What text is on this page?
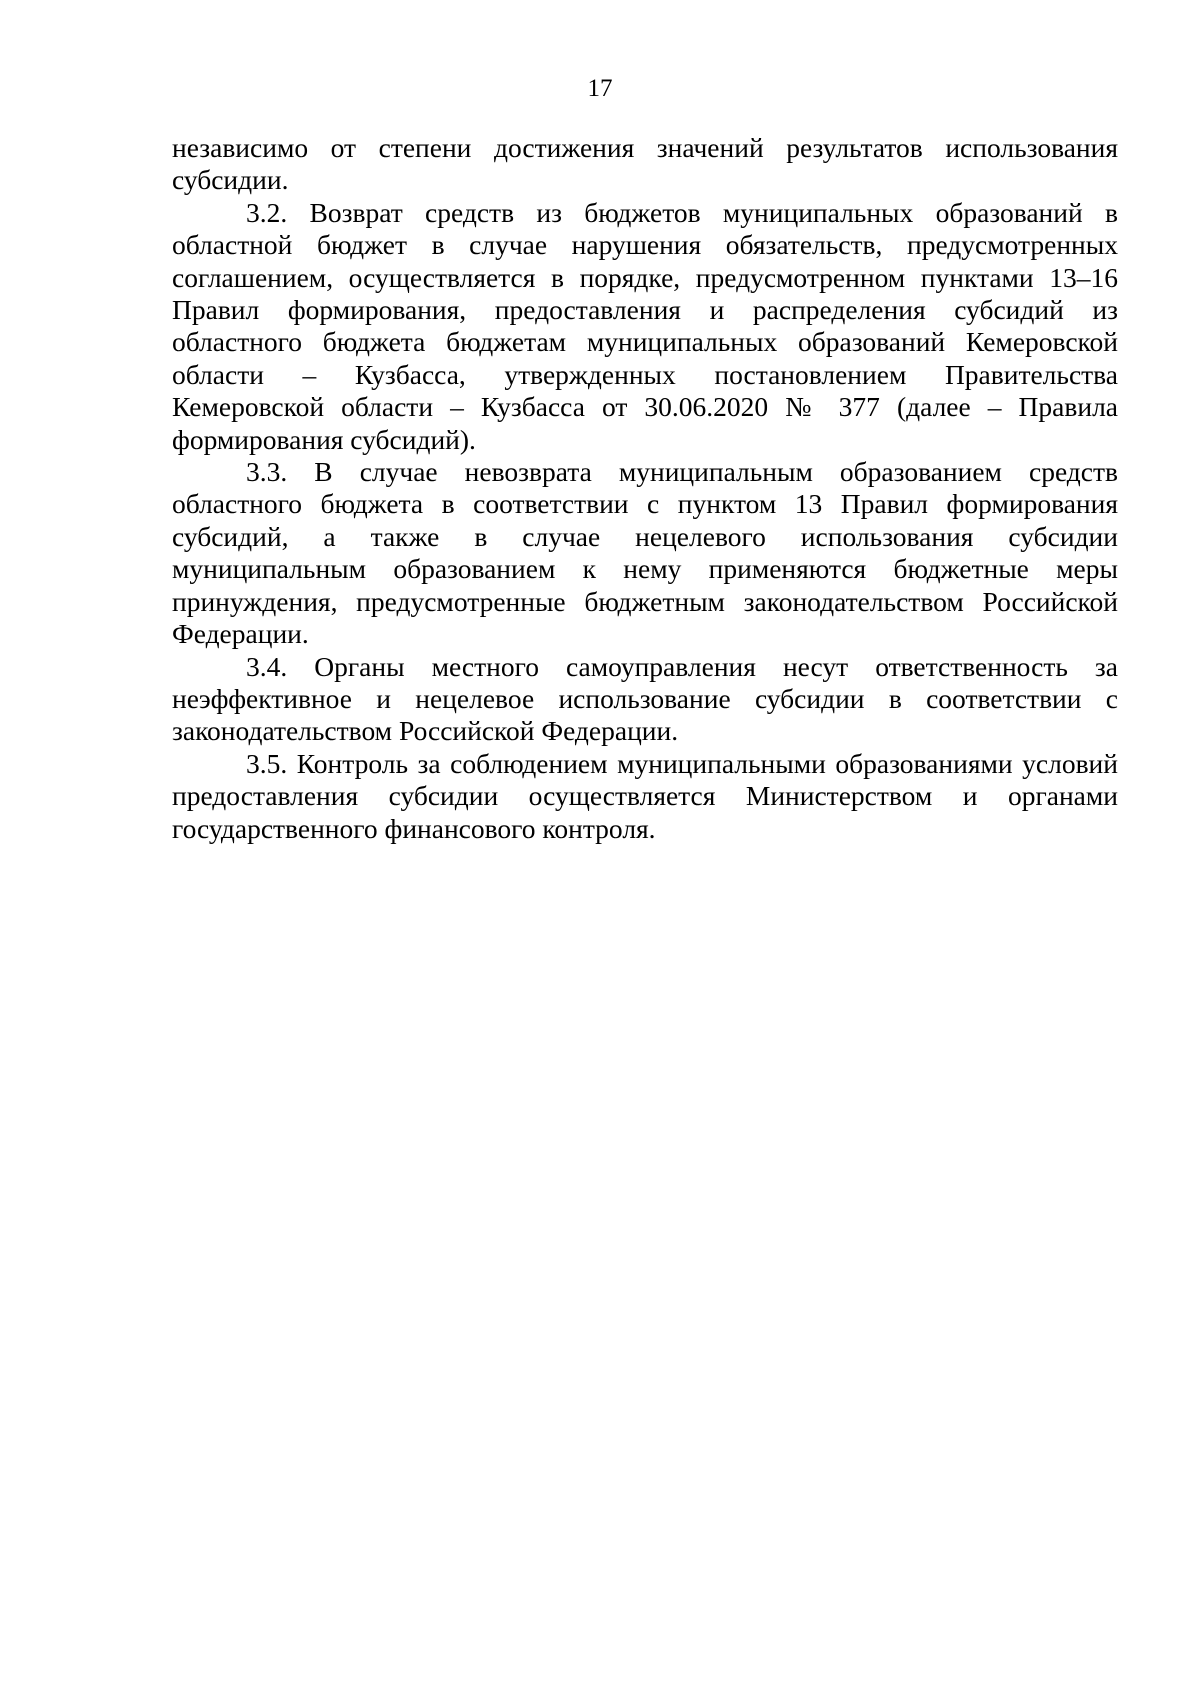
17

независимо от степени достижения значений результатов использования субсидии.

3.2. Возврат средств из бюджетов муниципальных образований в областной бюджет в случае нарушения обязательств, предусмотренных соглашением, осуществляется в порядке, предусмотренном пунктами 13–16 Правил формирования, предоставления и распределения субсидий из областного бюджета бюджетам муниципальных образований Кемеровской области – Кузбасса, утвержденных постановлением Правительства Кемеровской области – Кузбасса от 30.06.2020 № 377 (далее – Правила формирования субсидий).

3.3. В случае невозврата муниципальным образованием средств областного бюджета в соответствии с пунктом 13 Правил формирования субсидий, а также в случае нецелевого использования субсидии муниципальным образованием к нему применяются бюджетные меры принуждения, предусмотренные бюджетным законодательством Российской Федерации.

3.4. Органы местного самоуправления несут ответственность за неэффективное и нецелевое использование субсидии в соответствии с законодательством Российской Федерации.

3.5. Контроль за соблюдением муниципальными образованиями условий предоставления субсидии осуществляется Министерством и органами государственного финансового контроля.
